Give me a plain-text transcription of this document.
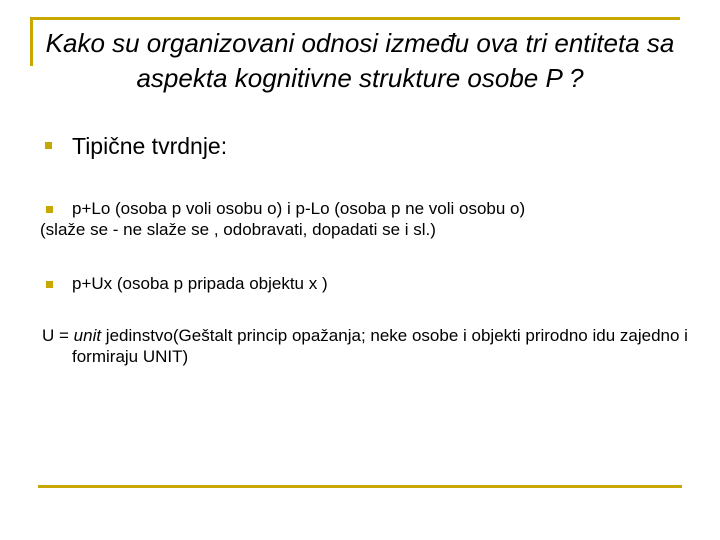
Kako su organizovani odnosi između ova tri entiteta sa aspekta kognitivne strukture osobe P ?
Tipične tvrdnje:
p+Lo (osoba p voli osobu o) i p-Lo (osoba p ne voli osobu o)
(slaže se - ne slaže se , odobravati, dopadati se i sl.)
p+Ux (osoba p pripada objektu x )
U = unit jedinstvo(Geštalt princip opažanja; neke osobe i objekti prirodno idu zajedno i formiraju UNIT)
